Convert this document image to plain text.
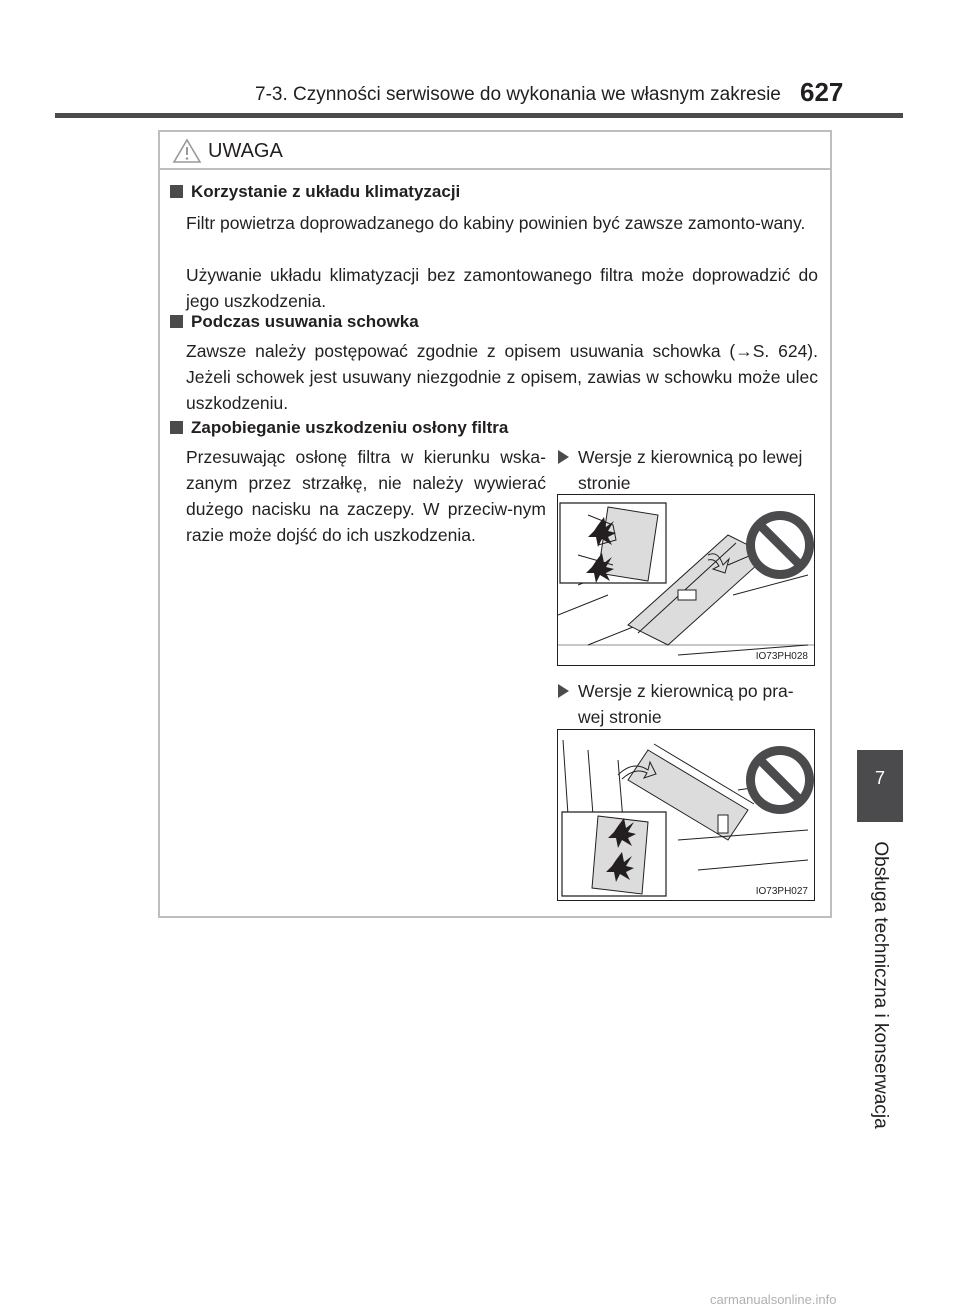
7-3. Czynności serwisowe do wykonania we własnym zakresie 627
7
Obsługa techniczna i konserwacja
UWAGA
Korzystanie z układu klimatyzacji
Filtr powietrza doprowadzanego do kabiny powinien być zawsze zamonto-wany.
Używanie układu klimatyzacji bez zamontowanego filtra może doprowadzić do jego uszkodzenia.
Podczas usuwania schowka
Zawsze należy postępować zgodnie z opisem usuwania schowka (→S. 624). Jeżeli schowek jest usuwany niezgodnie z opisem, zawias w schowku może ulec uszkodzeniu.
Zapobieganie uszkodzeniu osłony filtra
Przesuwając osłonę filtra w kierunku wska-zanym przez strzałkę, nie należy wywierać dużego nacisku na zaczepy. W przeciw-nym razie może dojść do ich uszkodzenia.
Wersje z kierownicą po lewej stronie
IO73PH028
Wersje z kierownicą po pra-wej stronie
IO73PH027
carmanualsonline.info
